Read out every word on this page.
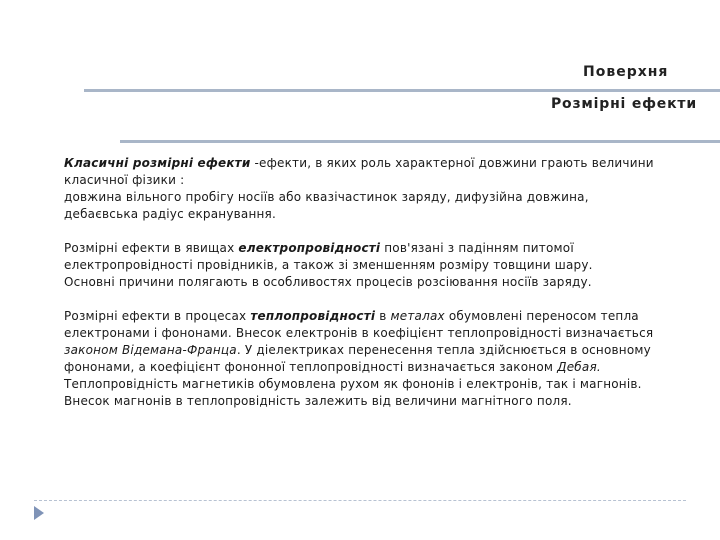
Поверхня
Розмірні ефекти

Класичні розмірні ефекти -ефекти, в яких роль характерної довжини грають величини класичної фізики :

довжина вільного пробігу носіїв або квазічастинок заряду, дифузійна довжина, дебаєвська радіус екранування.

Розмірні ефекти в явищах електропровідності пов'язані з падінням питомої електропровідності провідників, а також зі зменшенням розміру товщини шару.

Основні причини полягають в особливостях процесів розсіювання носіїв заряду.

Розмірні ефекти в процесах теплопровідності в металах обумовлені переносом тепла електронами і фононами. Внесок електронів в коефіцієнт теплопровідності визначається законом Відемана-Франца. У діелектриках перенесення тепла здійснюється в основному фононами, а коефіцієнт фононної теплопровідності визначається законом Дебая. Теплопровідність магнетиків обумовлена рухом як фононів і електронів, так і магнонів. Внесок магнонів в теплопровідність залежить від величини магнітного поля.
